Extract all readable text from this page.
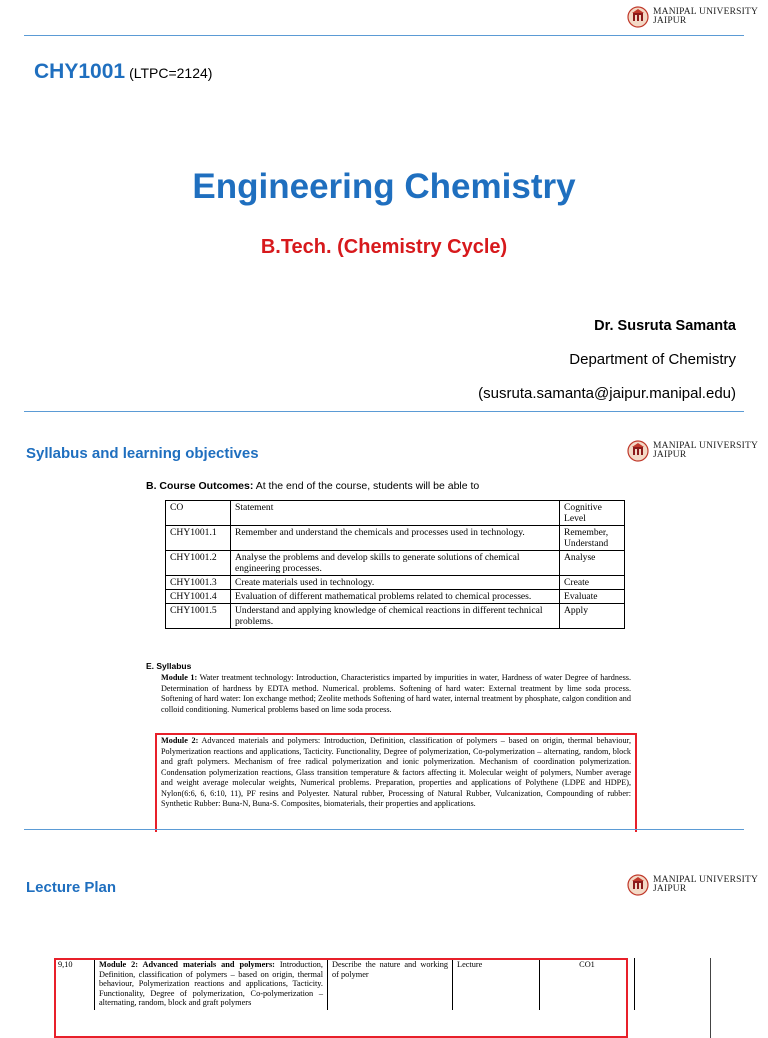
MANIPAL UNIVERSITY
JAIPUR
CHY1001 (LTPC=2124)
Engineering Chemistry
B.Tech. (Chemistry Cycle)
Dr. Susruta Samanta
Department of Chemistry
(susruta.samanta@jaipur.manipal.edu)
Syllabus and learning objectives	MANIPAL UNIVERSITY
JAIPUR
B. Course Outcomes: At the end of the course, students will be able to
CO	Statement	Cognitive Level
CHY1001.1	Remember and understand the chemicals and processes used in technology.	Remember, Understand
CHY1001.2	Analyse the problems and develop skills to generate solutions of chemical engineering processes.	Analyse
CHY1001.3	Create materials used in technology.	Create
CHY1001.4	Evaluation of different mathematical problems related to chemical processes.	Evaluate
CHY1001.5	Understand and applying knowledge of chemical reactions in different technical problems.	Apply
E. Syllabus
Module 1: Water treatment technology: Introduction, Characteristics imparted by impurities in water, Hardness of water Degree of hardness. Determination of hardness by EDTA method. Numerical. problems. Softening of hard water: External treatment by lime soda process. Softening of hard water: Ion exchange method; Zeolite methods Softening of hard water, internal treatment by phosphate, calgon condition and colloid conditioning. Numerical problems based on lime soda process.
Module 2: Advanced materials and polymers: Introduction, Definition, classification of polymers – based on origin, thermal behaviour, Polymerization reactions and applications, Tacticity. Functionality, Degree of polymerization, Co-polymerization – alternating, random, block and graft polymers. Mechanism of free radical polymerization and ionic polymerization. Mechanism of coordination polymerization. Condensation polymerization reactions, Glass transition temperature & factors affecting it. Molecular weight of polymers, Number average and weight average molecular weights, Numerical problems. Preparation, properties and applications of Polythene (LDPE and HDPE), Nylon(6:6, 6, 6:10, 11), PF resins and Polyester. Natural rubber, Processing of Natural Rubber, Vulcanization, Compounding of rubber: Synthetic Rubber: Buna-N, Buna-S. Composites, biomaterials, their properties and applications.
Lecture Plan	MANIPAL UNIVERSITY
JAIPUR
9,10	Module 2: Advanced materials and polymers: Introduction, Definition, classification of polymers – based on origin, thermal behaviour, Polymerization reactions and applications, Tacticity. Functionality, Degree of polymerization, Co-polymerization – alternating, random, block and graft polymers	Describe the nature and working of polymer	Lecture	CO1
